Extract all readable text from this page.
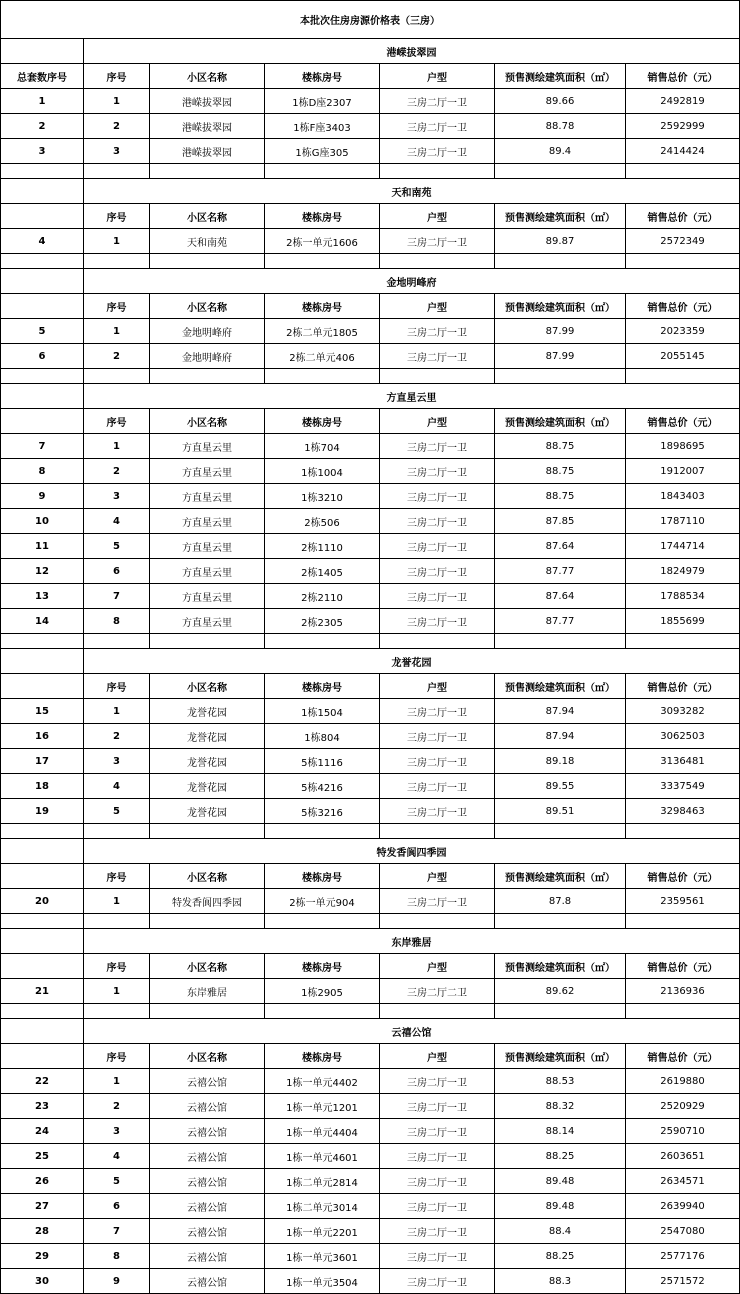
本批次住房房源价格表（三房）						
	港嵘拔翠园					
总套数序号	序号	小区名称	楼栋房号	户型	预售测绘建筑面积（㎡）	销售总价（元）
1	1	港嵘拔翠园	1栋D座2307	三房二厅一卫	89.66	2492819
2	2	港嵘拔翠园	1栋F座3403	三房二厅一卫	88.78	2592999
3	3	港嵘拔翠园	1栋G座305	三房二厅一卫	89.4	2414424

	天和南苑					
	序号	小区名称	楼栋房号	户型	预售测绘建筑面积（㎡）	销售总价（元）
4	1	天和南苑	2栋一单元1606	三房二厅一卫	89.87	2572349

	金地明峰府					
	序号	小区名称	楼栋房号	户型	预售测绘建筑面积（㎡）	销售总价（元）
5	1	金地明峰府	2栋二单元1805	三房二厅一卫	87.99	2023359
6	2	金地明峰府	2栋二单元406	三房二厅一卫	87.99	2055145

	方直星云里					
	序号	小区名称	楼栋房号	户型	预售测绘建筑面积（㎡）	销售总价（元）
7	1	方直星云里	1栋704	三房二厅一卫	88.75	1898695
8	2	方直星云里	1栋1004	三房二厅一卫	88.75	1912007
9	3	方直星云里	1栋3210	三房二厅一卫	88.75	1843403
10	4	方直星云里	2栋506	三房二厅一卫	87.85	1787110
11	5	方直星云里	2栋1110	三房二厅一卫	87.64	1744714
12	6	方直星云里	2栋1405	三房二厅一卫	87.77	1824979
13	7	方直星云里	2栋2110	三房二厅一卫	87.64	1788534
14	8	方直星云里	2栋2305	三房二厅一卫	87.77	1855699

	龙誉花园					
	序号	小区名称	楼栋房号	户型	预售测绘建筑面积（㎡）	销售总价（元）
15	1	龙誉花园	1栋1504	三房二厅一卫	87.94	3093282
16	2	龙誉花园	1栋804	三房二厅一卫	87.94	3062503
17	3	龙誉花园	5栋1116	三房二厅一卫	89.18	3136481
18	4	龙誉花园	5栋4216	三房二厅一卫	89.55	3337549
19	5	龙誉花园	5栋3216	三房二厅一卫	89.51	3298463

	特发香阆四季园					
	序号	小区名称	楼栋房号	户型	预售测绘建筑面积（㎡）	销售总价（元）
20	1	特发香阆四季园	2栋一单元904	三房二厅一卫	87.8	2359561

	东岸雅居					
	序号	小区名称	楼栋房号	户型	预售测绘建筑面积（㎡）	销售总价（元）
21	1	东岸雅居	1栋2905	三房二厅二卫	89.62	2136936

	云禧公馆					
	序号	小区名称	楼栋房号	户型	预售测绘建筑面积（㎡）	销售总价（元）
22	1	云禧公馆	1栋一单元4402	三房二厅一卫	88.53	2619880
23	2	云禧公馆	1栋一单元1201	三房二厅一卫	88.32	2520929
24	3	云禧公馆	1栋一单元4404	三房二厅一卫	88.14	2590710
25	4	云禧公馆	1栋一单元4601	三房二厅一卫	88.25	2603651
26	5	云禧公馆	1栋二单元2814	三房二厅一卫	89.48	2634571
27	6	云禧公馆	1栋二单元3014	三房二厅一卫	89.48	2639940
28	7	云禧公馆	1栋一单元2201	三房二厅一卫	88.4	2547080
29	8	云禧公馆	1栋一单元3601	三房二厅一卫	88.25	2577176
30	9	云禧公馆	1栋一单元3504	三房二厅一卫	88.3	2571572
